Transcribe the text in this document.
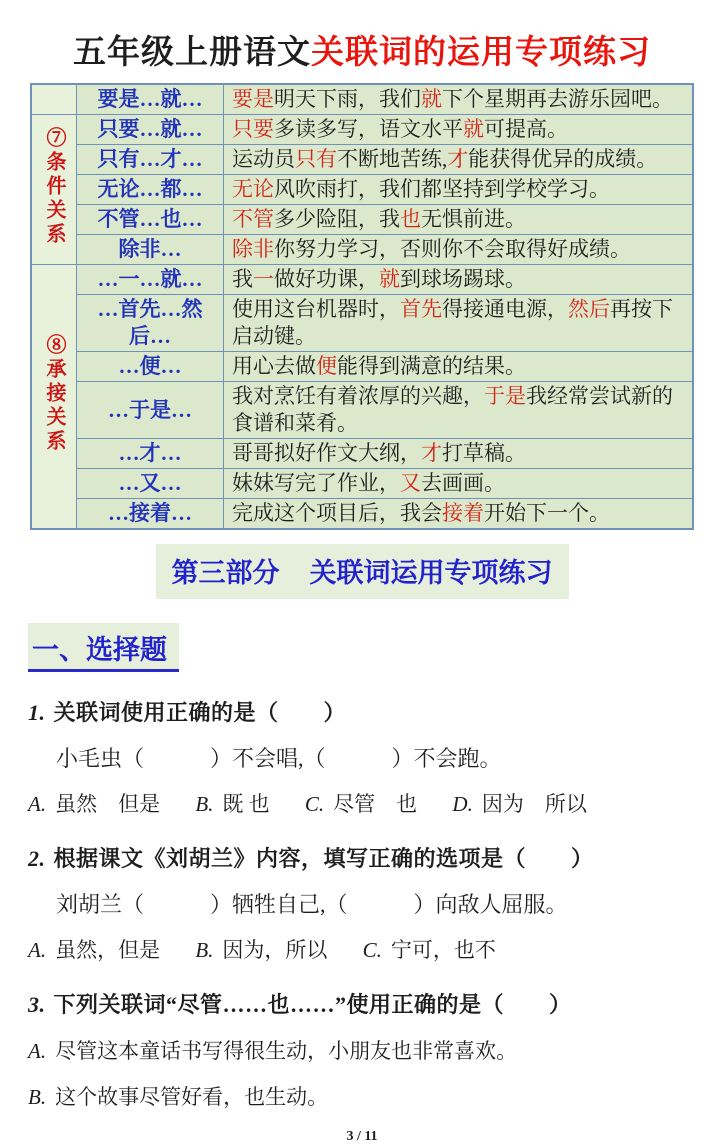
五年级上册语文关联词的运用专项练习
	要是…就…	要是明天下雨，我们就下个星期再去游乐园吧。
⑦条件关系	只要…就…	只要多读多写，语文水平就可提高。
	只有…才…	运动员只有不断地苦练,才能获得优异的成绩。
	无论…都…	无论风吹雨打，我们都坚持到学校学习。
	不管…也…	不管多少险阻，我也无惧前进。
	除非…	除非你努力学习，否则你不会取得好成绩。
⑧承接关系	…一…就…	我一做好功课，就到球场踢球。
	…首先…然后…	使用这台机器时，首先得接通电源，然后再按下启动键。
	…便…	用心去做便能得到满意的结果。
	…于是…	我对烹饪有着浓厚的兴趣，于是我经常尝试新的食谱和菜肴。
	…才…	哥哥拟好作文大纲，才打草稿。
	…又…	妹妹写完了作业，又去画画。
	…接着…	完成这个项目后，我会接着开始下一个。
第三部分 关联词运用专项练习
一、选择题
1. 关联词使用正确的是（　　）
小毛虫（　　　）不会唱,（　　　）不会跑。
A. 虽然　但是 B. 既 也 C. 尽管　也 D. 因为　所以
2. 根据课文《刘胡兰》内容，填写正确的选项是（　　）
刘胡兰（　　　）牺牲自己,（　　　）向敌人屈服。
A. 虽然，但是 B. 因为，所以 C. 宁可，也不
3. 下列关联词“尽管……也……”使用正确的是（　　）
A. 尽管这本童话书写得很生动，小朋友也非常喜欢。
B. 这个故事尽管好看，也生动。
3 / 11
